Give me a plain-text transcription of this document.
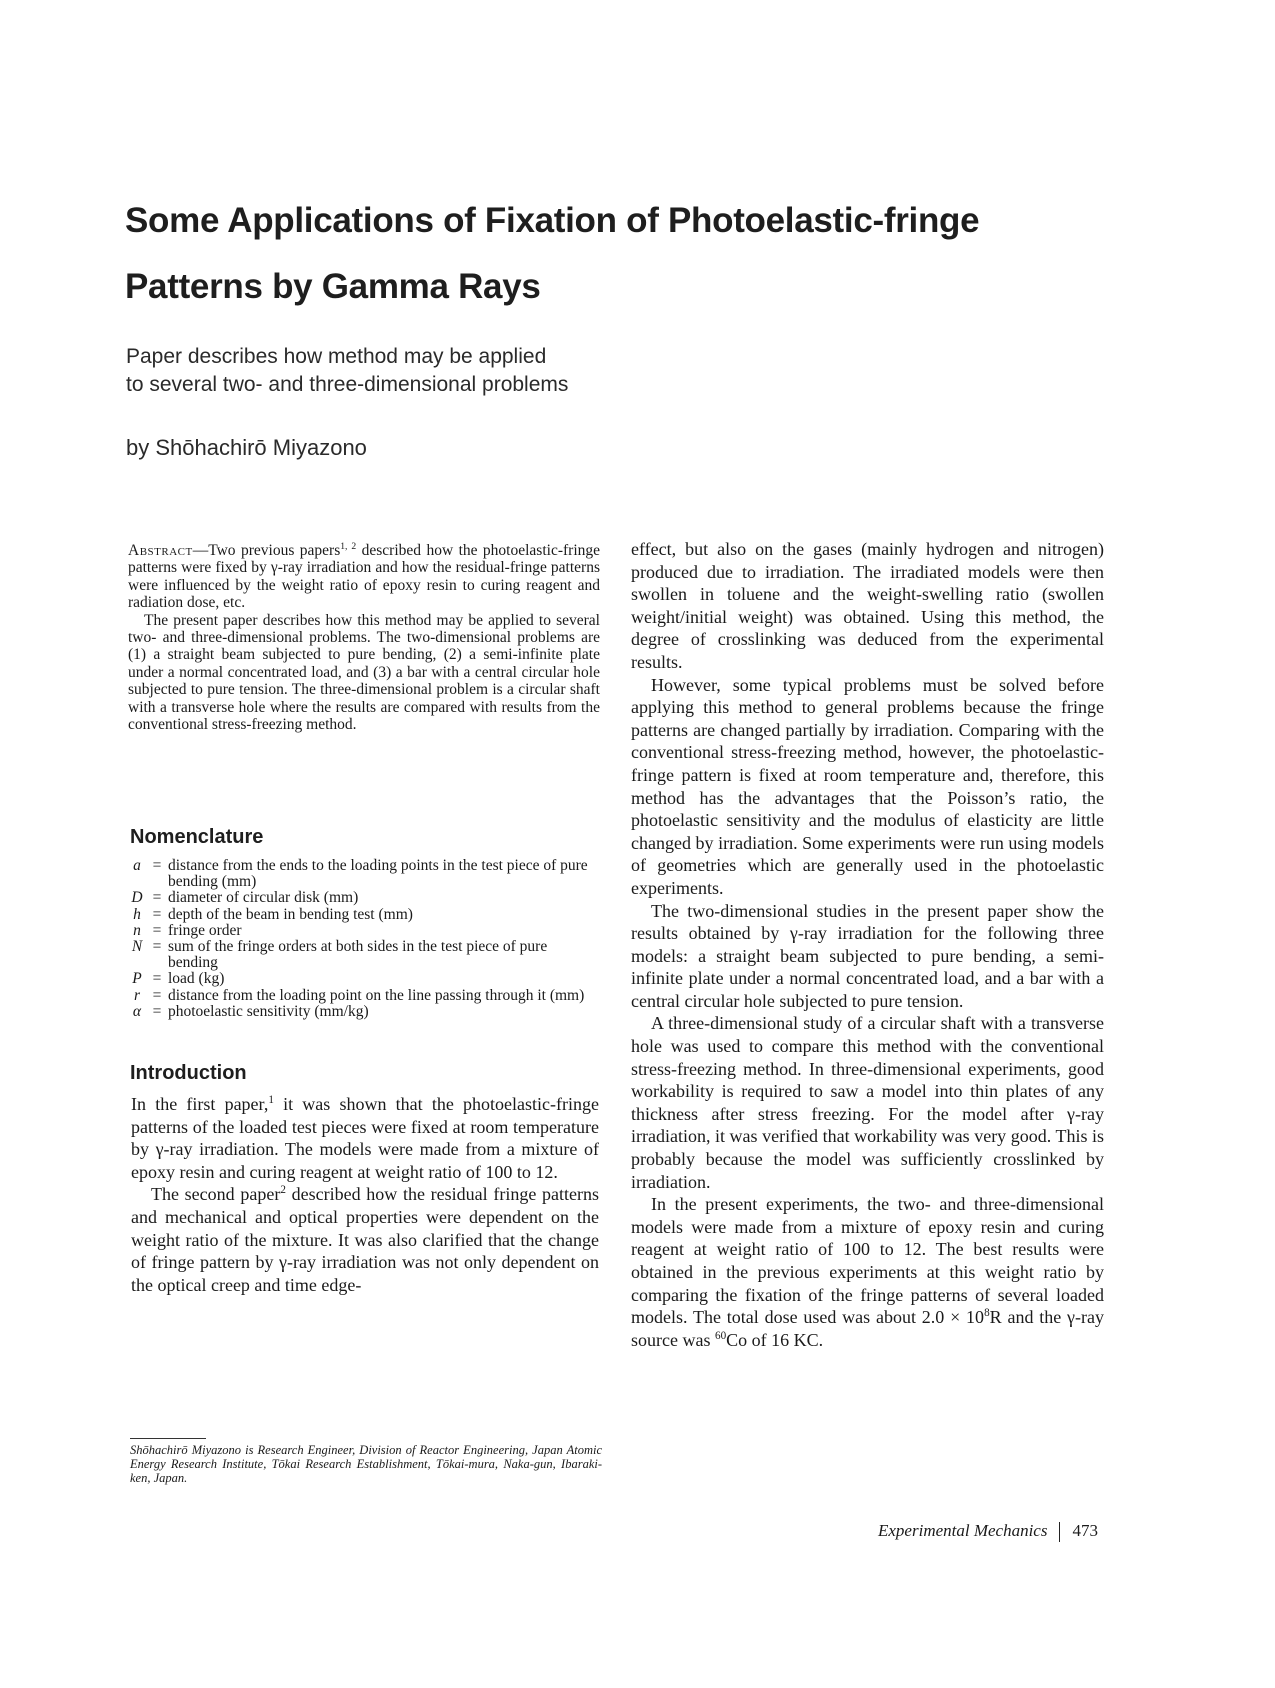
Some Applications of Fixation of Photoelastic-fringe
Patterns by Gamma Rays
Paper describes how method may be applied
to several two- and three-dimensional problems
by Shōhachirō Miyazono

Abstract—Two previous papers$^{1, 2}$ described how the photoelastic-fringe patterns were fixed by γ-ray irradiation and how the residual-fringe patterns were influenced by the weight ratio of epoxy resin to curing reagent and radiation dose, etc.

The present paper describes how this method may be applied to several two- and three-dimensional problems. The two-dimensional problems are (1) a straight beam subjected to pure bending, (2) a semi-infinite plate under a normal concentrated load, and (3) a bar with a central circular hole subjected to pure tension. The three-dimensional problem is a circular shaft with a transverse hole where the results are compared with results from the conventional stress-freezing method.

Nomenclature
a = distance from the ends to the loading points in the test piece of pure bending (mm)
D = diameter of circular disk (mm)
h = depth of the beam in bending test (mm)
n = fringe order
N = sum of the fringe orders at both sides in the test piece of pure bending
P = load (kg)
r = distance from the loading point on the line passing through it (mm)
α = photoelastic sensitivity (mm/kg)
Introduction

In the first paper,$^1$ it was shown that the photoelastic-fringe patterns of the loaded test pieces were fixed at room temperature by γ-ray irradiation. The models were made from a mixture of epoxy resin and curing reagent at weight ratio of 100 to 12.

The second paper$^2$ described how the residual fringe patterns and mechanical and optical properties were dependent on the weight ratio of the mixture. It was also clarified that the change of fringe pattern by γ-ray irradiation was not only dependent on the optical creep and time edge-

effect, but also on the gases (mainly hydrogen and nitrogen) produced due to irradiation. The irradiated models were then swollen in toluene and the weight-swelling ratio (swollen weight/initial weight) was obtained. Using this method, the degree of crosslinking was deduced from the experimental results.

However, some typical problems must be solved before applying this method to general problems because the fringe patterns are changed partially by irradiation. Comparing with the conventional stress-freezing method, however, the photoelastic-fringe pattern is fixed at room temperature and, therefore, this method has the advantages that the Poisson’s ratio, the photoelastic sensitivity and the modulus of elasticity are little changed by irradiation. Some experiments were run using models of geometries which are generally used in the photoelastic experiments.

The two-dimensional studies in the present paper show the results obtained by γ-ray irradiation for the following three models: a straight beam subjected to pure bending, a semi-infinite plate under a normal concentrated load, and a bar with a central circular hole subjected to pure tension.

A three-dimensional study of a circular shaft with a transverse hole was used to compare this method with the conventional stress-freezing method. In three-dimensional experiments, good workability is required to saw a model into thin plates of any thickness after stress freezing. For the model after γ-ray irradiation, it was verified that workability was very good. This is probably because the model was sufficiently crosslinked by irradiation.

In the present experiments, the two- and three-dimensional models were made from a mixture of epoxy resin and curing reagent at weight ratio of 100 to 12. The best results were obtained in the previous experiments at this weight ratio by comparing the fixation of the fringe patterns of several loaded models. The total dose used was about $2.0 \times 10^8R$ and the γ-ray source was $^{60}$Co of 16 KC.

Shōhachirō Miyazono is Research Engineer, Division of Reactor Engineering, Japan Atomic Energy Research Institute, Tōkai Research Establishment, Tōkai-mura, Naka-gun, Ibaraki-ken, Japan.
Experimental Mechanics 473
